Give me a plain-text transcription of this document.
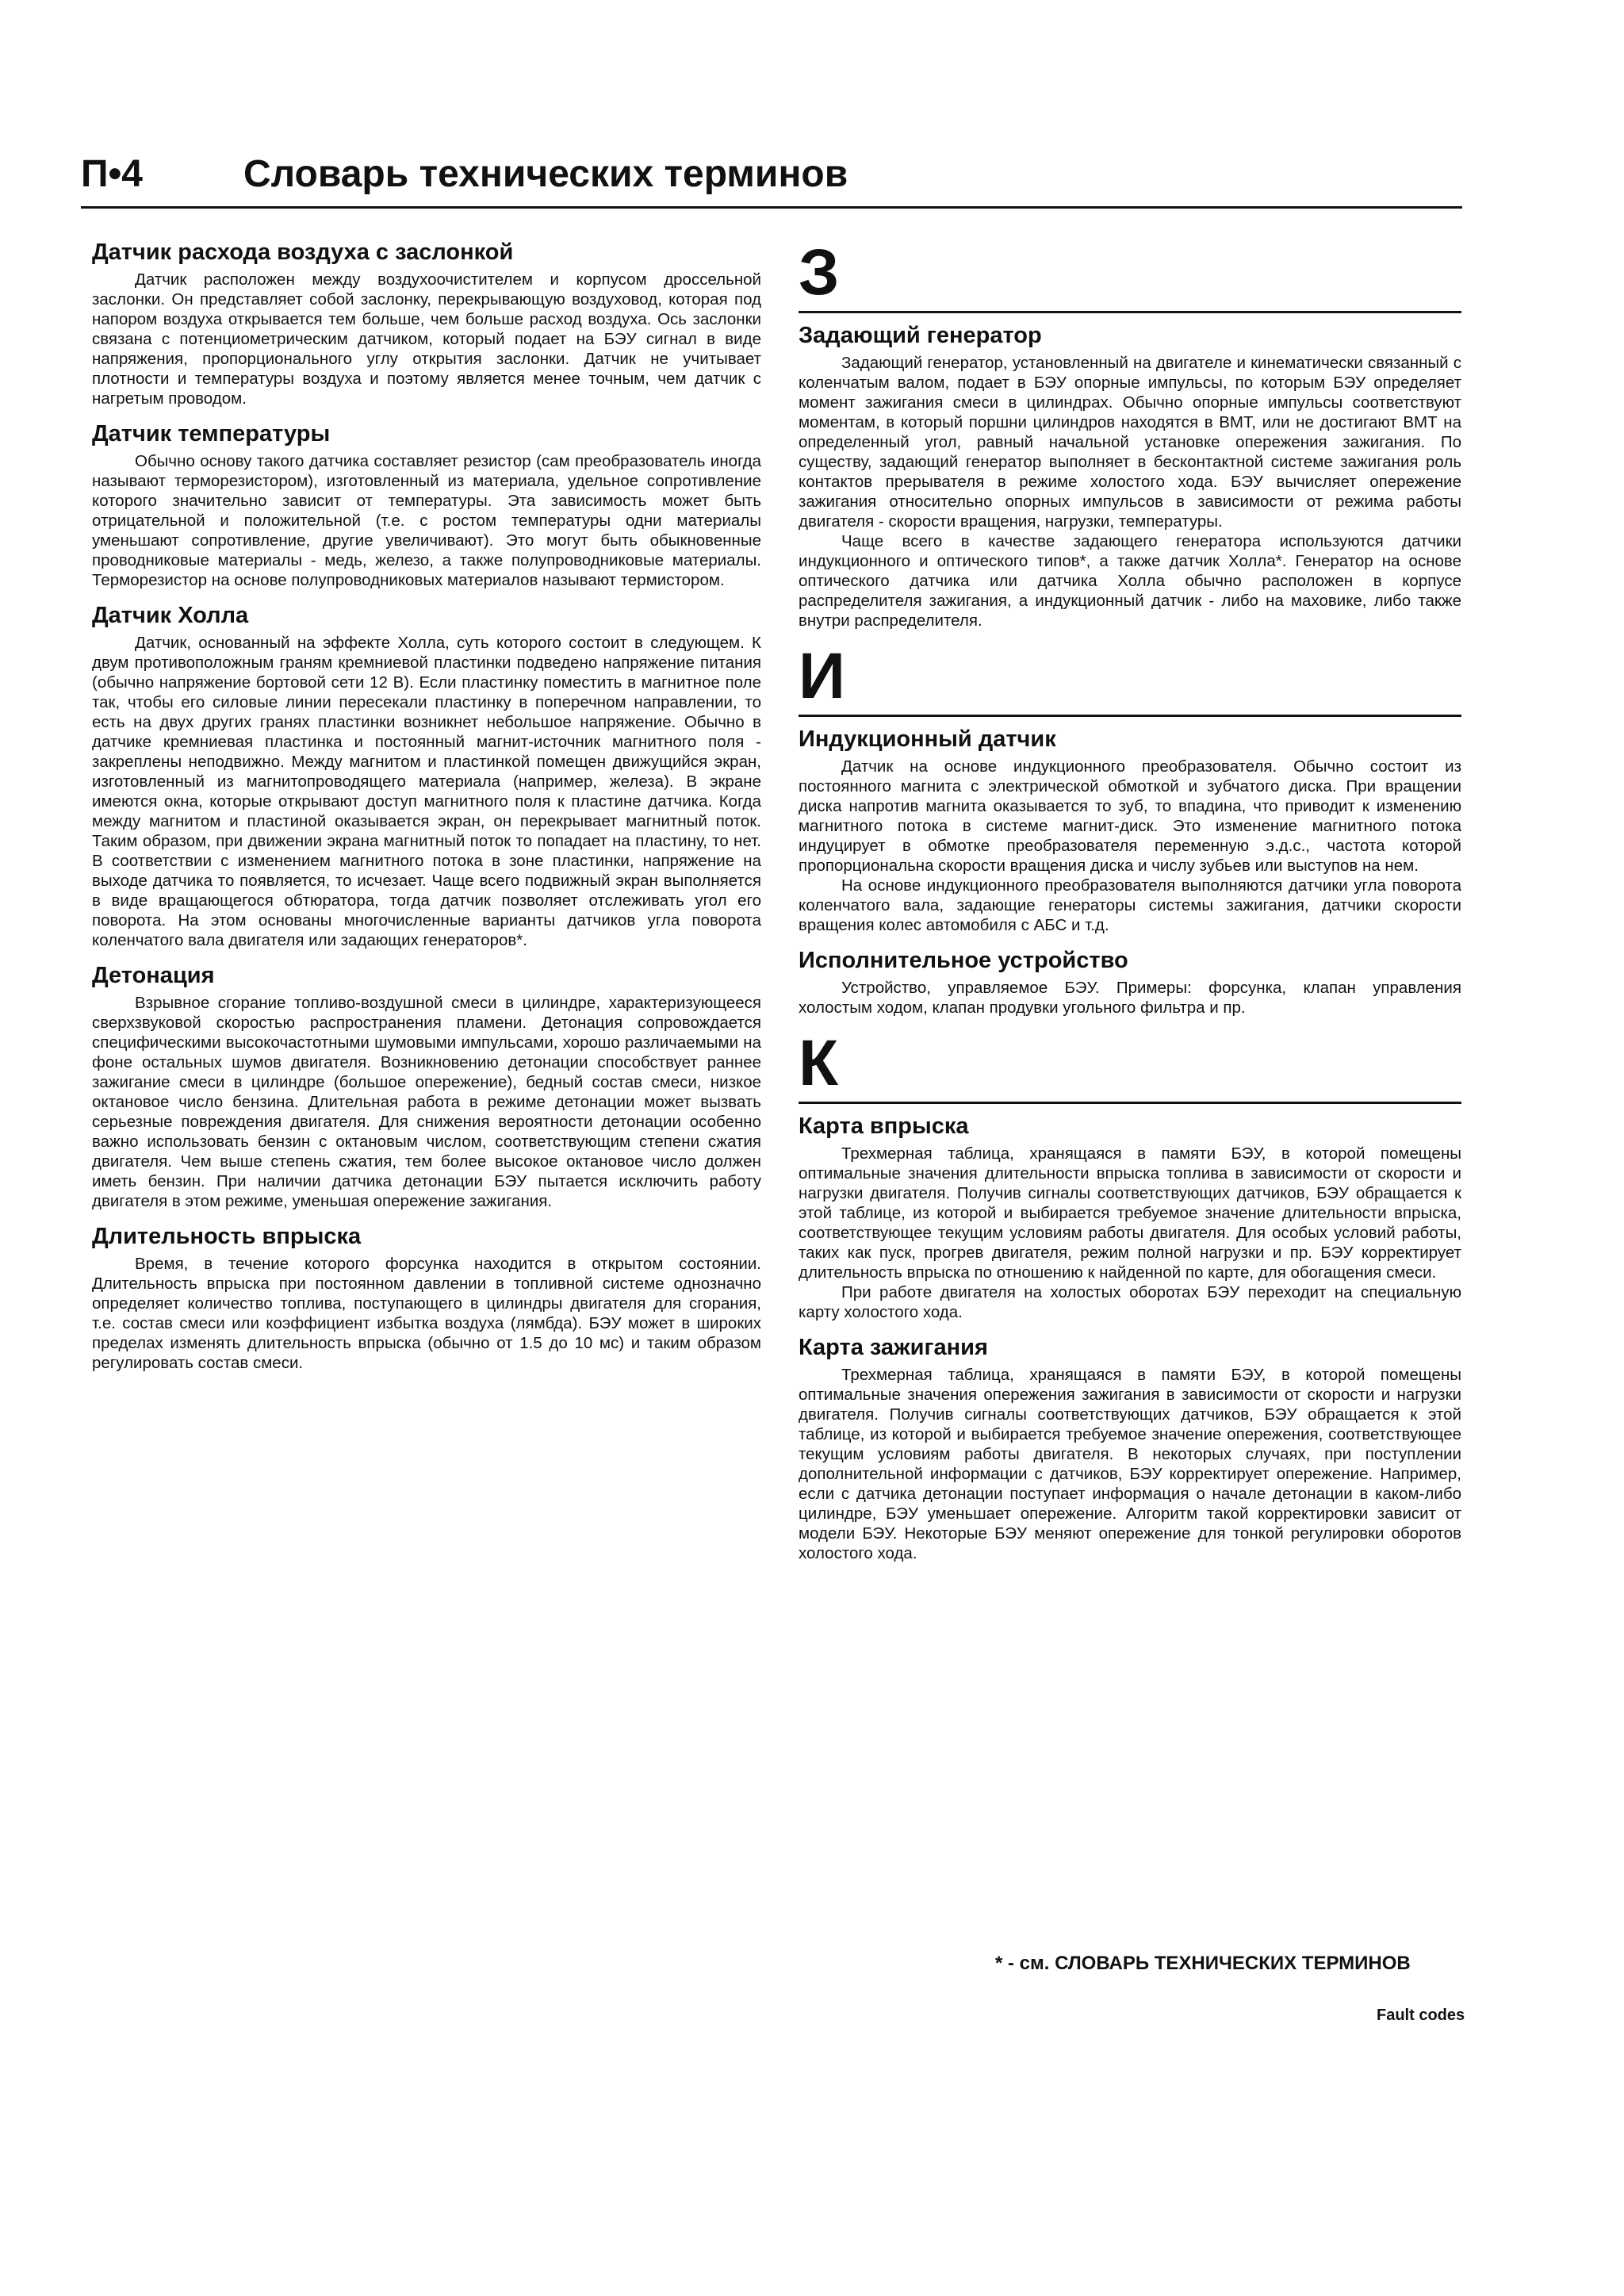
П•4	Словарь технических терминов
Датчик расхода воздуха с заслонкой

Датчик расположен между воздухоочистителем и корпусом дроссельной заслонки. Он представляет собой заслонку, перекрывающую воздуховод, которая под напором воздуха открывается тем больше, чем больше расход воздуха. Ось заслонки связана с потенциометрическим датчиком, который подает на БЭУ сигнал в виде напряжения, пропорционального углу открытия заслонки. Датчик не учитывает плотности и температуры воздуха и поэтому является менее точным, чем датчик с нагретым проводом.

Датчик температуры

Обычно основу такого датчика составляет резистор (сам преобразователь иногда называют терморезистором), изготовленный из материала, удельное сопротивление которого значительно зависит от температуры. Эта зависимость может быть отрицательной и положительной (т.е. с ростом температуры одни материалы уменьшают сопротивление, другие увеличивают). Это могут быть обыкновенные проводниковые материалы - медь, железо, а также полупроводниковые материалы. Терморезистор на основе полупроводниковых материалов называют термистором.

Датчик Холла

Датчик, основанный на эффекте Холла, суть которого состоит в следующем. К двум противоположным граням кремниевой пластинки подведено напряжение питания (обычно напряжение бортовой сети 12 В). Если пластинку поместить в магнитное поле так, чтобы его силовые линии пересекали пластинку в поперечном направлении, то есть на двух других гранях пластинки возникнет небольшое напряжение. Обычно в датчике кремниевая пластинка и постоянный магнит-источник магнитного поля - закреплены неподвижно. Между магнитом и пластинкой помещен движущийся экран, изготовленный из магнитопроводящего материала (например, железа). В экране имеются окна, которые открывают доступ магнитного поля к пластине датчика. Когда между магнитом и пластиной оказывается экран, он перекрывает магнитный поток. Таким образом, при движении экрана магнитный поток то попадает на пластину, то нет. В соответствии с изменением магнитного потока в зоне пластинки, напряжение на выходе датчика то появляется, то исчезает. Чаще всего подвижный экран выполняется в виде вращающегося обтюратора, тогда датчик позволяет отслеживать угол его поворота. На этом основаны многочисленные варианты датчиков угла поворота коленчатого вала двигателя или задающих генераторов*.

Детонация

Взрывное сгорание топливо-воздушной смеси в цилиндре, характеризующееся сверхзвуковой скоростью распространения пламени. Детонация сопровождается специфическими высокочастотными шумовыми импульсами, хорошо различаемыми на фоне остальных шумов двигателя. Возникновению детонации способствует раннее зажигание смеси в цилиндре (большое опережение), бедный состав смеси, низкое октановое число бензина. Длительная работа в режиме детонации может вызвать серьезные повреждения двигателя. Для снижения вероятности детонации особенно важно использовать бензин с октановым числом, соответствующим степени сжатия двигателя. Чем выше степень сжатия, тем более высокое октановое число должен иметь бензин. При наличии датчика детонации БЭУ пытается исключить работу двигателя в этом режиме, уменьшая опережение зажигания.

Длительность впрыска

Время, в течение которого форсунка находится в открытом состоянии. Длительность впрыска при постоянном давлении в топливной системе однозначно определяет количество топлива, поступающего в цилиндры двигателя для сгорания, т.е. состав смеси или коэффициент избытка воздуха (лямбда). БЭУ может в широких пределах изменять длительность впрыска (обычно от 1.5 до 10 мс) и таким образом регулировать состав смеси.

З
Задающий генератор

Задающий генератор, установленный на двигателе и кинематически связанный с коленчатым валом, подает в БЭУ опорные импульсы, по которым БЭУ определяет момент зажигания смеси в цилиндрах. Обычно опорные импульсы соответствуют моментам, в который поршни цилиндров находятся в ВМТ, или не достигают ВМТ на определенный угол, равный начальной установке опережения зажигания. По существу, задающий генератор выполняет в бесконтактной системе зажигания роль контактов прерывателя в режиме холостого хода. БЭУ вычисляет опережение зажигания относительно опорных импульсов в зависимости от режима работы двигателя - скорости вращения, нагрузки, температуры.

Чаще всего в качестве задающего генератора используются датчики индукционного и оптического типов*, а также датчик Холла*. Генератор на основе оптического датчика или датчика Холла обычно расположен в корпусе распределителя зажигания, а индукционный датчик - либо на маховике, либо также внутри распределителя.

И
Индукционный датчик

Датчик на основе индукционного преобразователя. Обычно состоит из постоянного магнита с электрической обмоткой и зубчатого диска. При вращении диска напротив магнита оказывается то зуб, то впадина, что приводит к изменению магнитного потока в системе магнит-диск. Это изменение магнитного потока индуцирует в обмотке преобразователя переменную э.д.с., частота которой пропорциональна скорости вращения диска и числу зубьев или выступов на нем.

На основе индукционного преобразователя выполняются датчики угла поворота коленчатого вала, задающие генераторы системы зажигания, датчики скорости вращения колес автомобиля с АБС и т.д.

Исполнительное устройство

Устройство, управляемое БЭУ. Примеры: форсунка, клапан управления холостым ходом, клапан продувки угольного фильтра и пр.

К
Карта впрыска

Трехмерная таблица, хранящаяся в памяти БЭУ, в которой помещены оптимальные значения длительности впрыска топлива в зависимости от скорости и нагрузки двигателя. Получив сигналы соответствующих датчиков, БЭУ обращается к этой таблице, из которой и выбирается требуемое значение длительности впрыска, соответствующее текущим условиям работы двигателя. Для особых условий работы, таких как пуск, прогрев двигателя, режим полной нагрузки и пр. БЭУ корректирует длительность впрыска по отношению к найденной по карте, для обогащения смеси.

При работе двигателя на холостых оборотах БЭУ переходит на специальную карту холостого хода.

Карта зажигания

Трехмерная таблица, хранящаяся в памяти БЭУ, в которой помещены оптимальные значения опережения зажигания в зависимости от скорости и нагрузки двигателя. Получив сигналы соответствующих датчиков, БЭУ обращается к этой таблице, из которой и выбирается требуемое значение опережения, соответствующее текущим условиям работы двигателя. В некоторых случаях, при поступлении дополнительной информации с датчиков, БЭУ корректирует опережение. Например, если с датчика детонации поступает информация о начале детонации в каком-либо цилиндре, БЭУ уменьшает опережение. Алгоритм такой корректировки зависит от модели БЭУ. Некоторые БЭУ меняют опережение для тонкой регулировки оборотов холостого хода.

* - см. СЛОВАРЬ ТЕХНИЧЕСКИХ ТЕРМИНОВ
Fault codes
